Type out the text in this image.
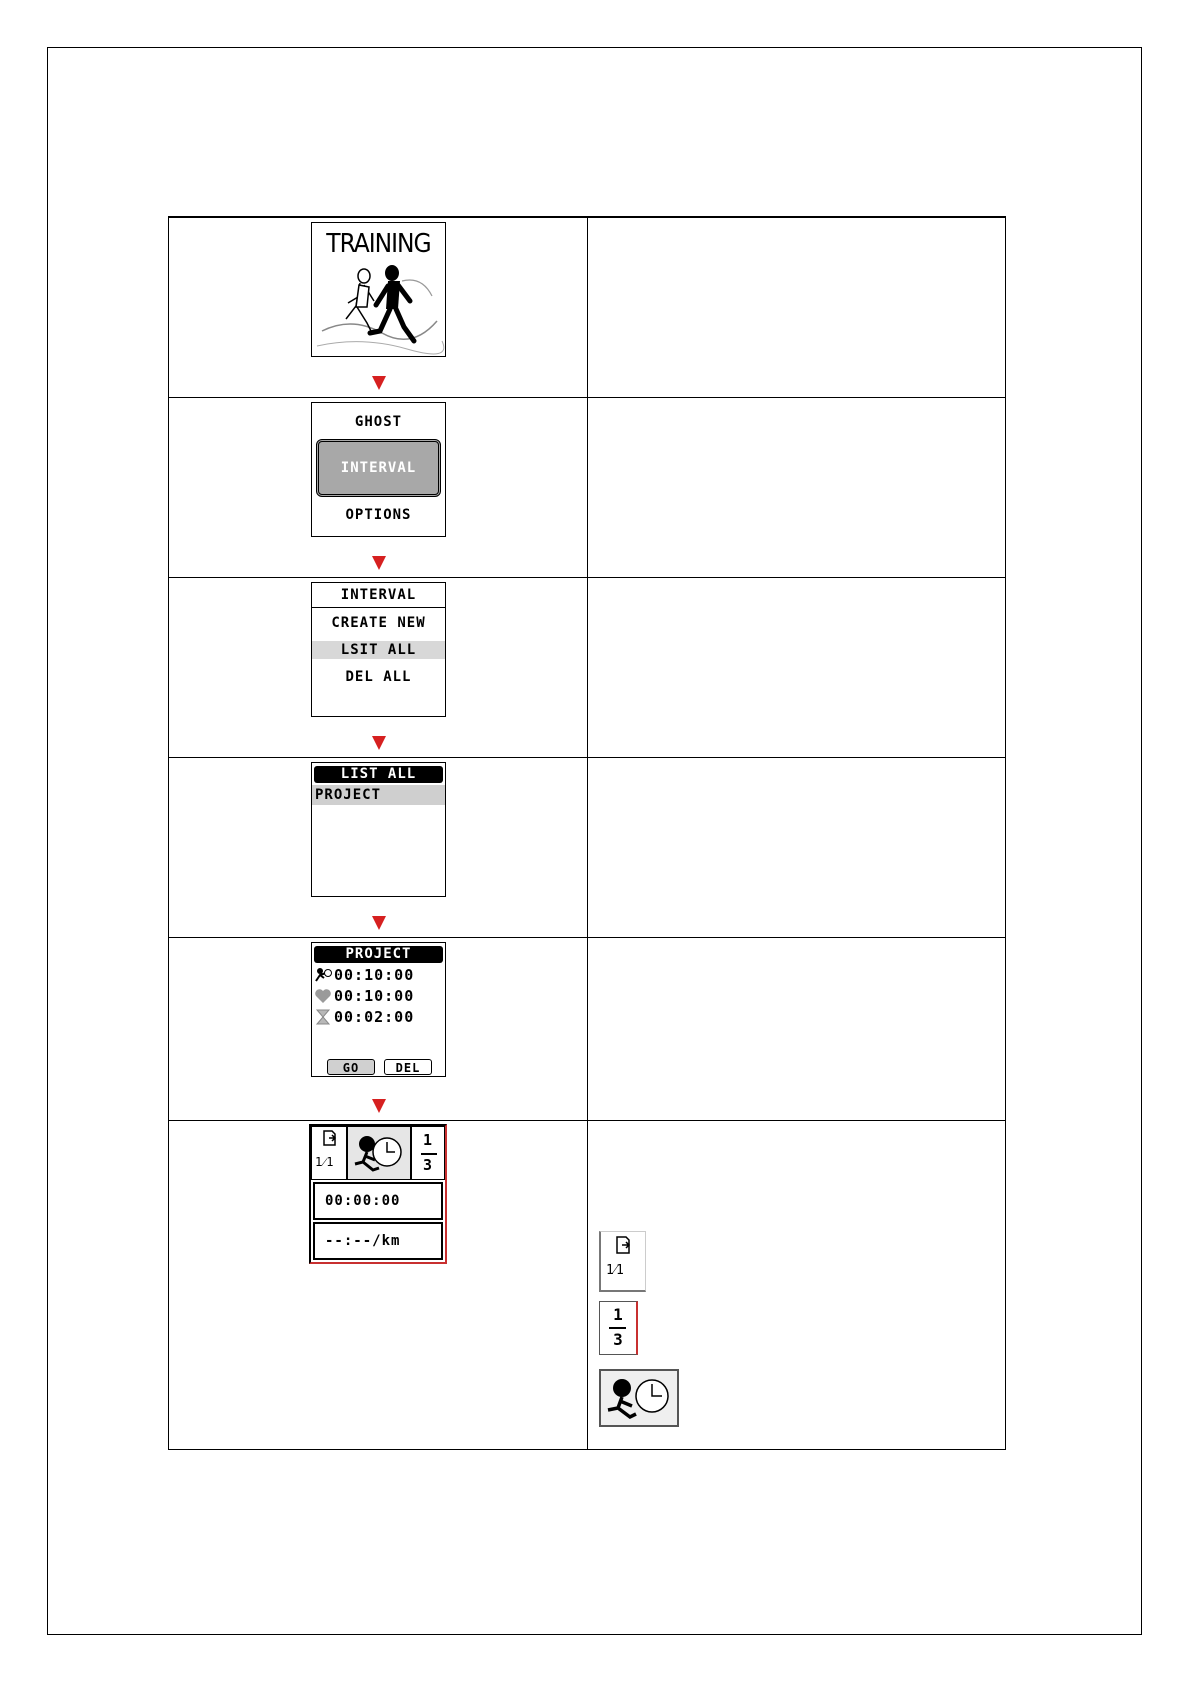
TRAINING
GHOST
INTERVAL
OPTIONS
INTERVAL
CREATE NEW
LSIT ALL
DEL ALL
LIST ALL
PROJECT
PROJECT
00:10:00
00:10:00
00:02:00
GO	DEL
1⁄1
1
3
00:00:00
--:--/km
1⁄1
1
3
